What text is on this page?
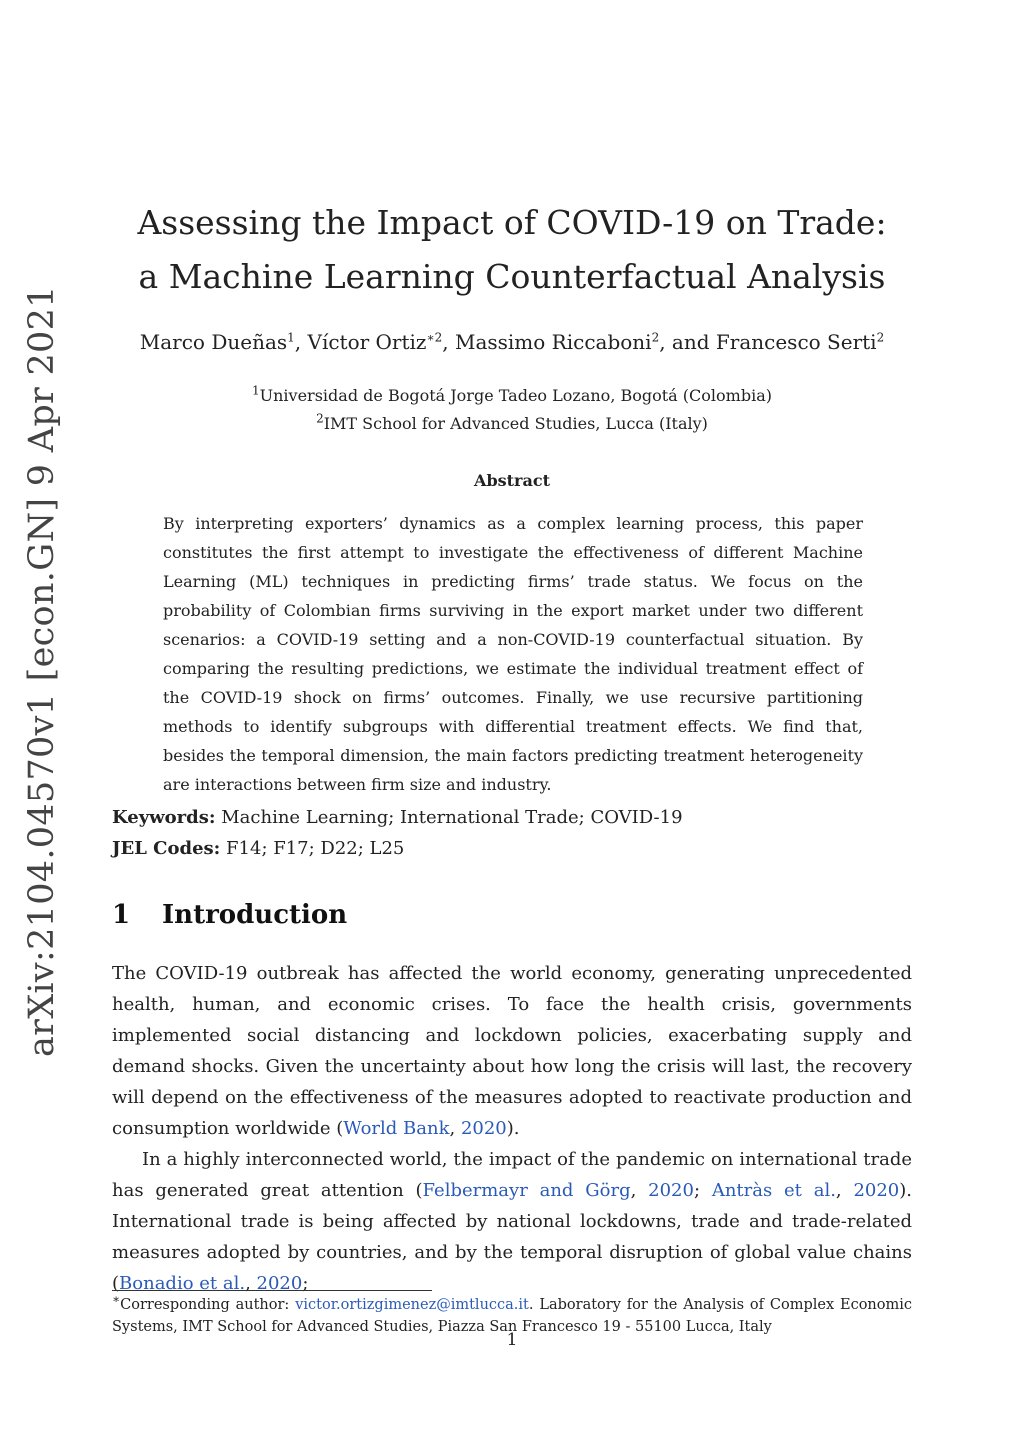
arXiv:2104.04570v1 [econ.GN] 9 Apr 2021
Assessing the Impact of COVID-19 on Trade:
a Machine Learning Counterfactual Analysis
Marco Dueñas$^1$, Víctor Ortiz$^{∗2}$, Massimo Riccaboni$^2$, and Francesco Serti$^2$
$^1$Universidad de Bogotá Jorge Tadeo Lozano, Bogotá (Colombia)
$^2$IMT School for Advanced Studies, Lucca (Italy)
Abstract
By interpreting exporters’ dynamics as a complex learning process, this paper constitutes the first attempt to investigate the effectiveness of different Machine Learning (ML) techniques in predicting firms’ trade status. We focus on the probability of Colombian firms surviving in the export market under two different scenarios: a COVID-19 setting and a non-COVID-19 counterfactual situation. By comparing the resulting predictions, we estimate the individual treatment effect of the COVID-19 shock on firms’ outcomes. Finally, we use recursive partitioning methods to identify subgroups with differential treatment effects. We find that, besides the temporal dimension, the main factors predicting treatment heterogeneity are interactions between firm size and industry.
Keywords: Machine Learning; International Trade; COVID-19
JEL Codes: F14; F17; D22; L25
1 Introduction

The COVID-19 outbreak has affected the world economy, generating unprecedented health, human, and economic crises. To face the health crisis, governments implemented social distancing and lockdown policies, exacerbating supply and demand shocks. Given the uncertainty about how long the crisis will last, the recovery will depend on the effectiveness of the measures adopted to reactivate production and consumption worldwide (World Bank, 2020).

In a highly interconnected world, the impact of the pandemic on international trade has generated great attention (Felbermayr and Görg, 2020; Antràs et al., 2020). International trade is being affected by national lockdowns, trade and trade-related measures adopted by countries, and by the temporal disruption of global value chains (Bonadio et al., 2020;

∗Corresponding author: victor.ortizgimenez@imtlucca.it. Laboratory for the Analysis of Complex Economic Systems, IMT School for Advanced Studies, Piazza San Francesco 19 - 55100 Lucca, Italy
1
